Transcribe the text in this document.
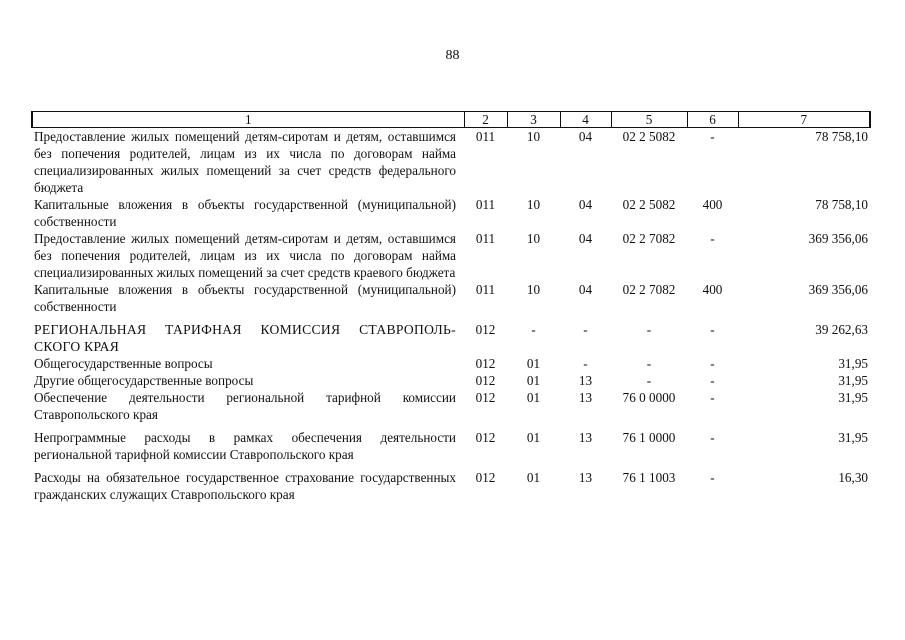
88
1	2	3	4	5	6	7
Предоставление жилых помещений детям-сиротам и детям, оставшимся без попечения родителей, лицам из их числа по договорам найма специализированных жилых помещений за счет средств федерального бюджета	011	10	04	02 2 5082	-	78 758,10
Капитальные вложения в объекты государственной (муниципальной) собственности	011	10	04	02 2 5082	400	78 758,10
Предоставление жилых помещений детям-сиротам и детям, оставшимся без попечения родителей, лицам из их числа по договорам найма специализированных жилых помещений за счет средств краевого бюджета	011	10	04	02 2 7082	-	369 356,06
Капитальные вложения в объекты государственной (муниципальной) собственности	011	10	04	02 2 7082	400	369 356,06
РЕГИОНАЛЬНАЯ ТАРИФНАЯ КОМИССИЯ СТАВРОПОЛЬ-СКОГО КРАЯ	012	-	-	-	-	39 262,63
Общегосударственные вопросы	012	01	-	-	-	31,95
Другие общегосударственные вопросы	012	01	13	-	-	31,95
Обеспечение деятельности региональной тарифной комиссии Ставропольского края	012	01	13	76 0 0000	-	31,95
Непрограммные расходы в рамках обеспечения деятельности региональной тарифной комиссии Ставропольского края	012	01	13	76 1 0000	-	31,95
Расходы на обязательное государственное страхование государственных гражданских служащих Ставропольского края	012	01	13	76 1 1003	-	16,30
